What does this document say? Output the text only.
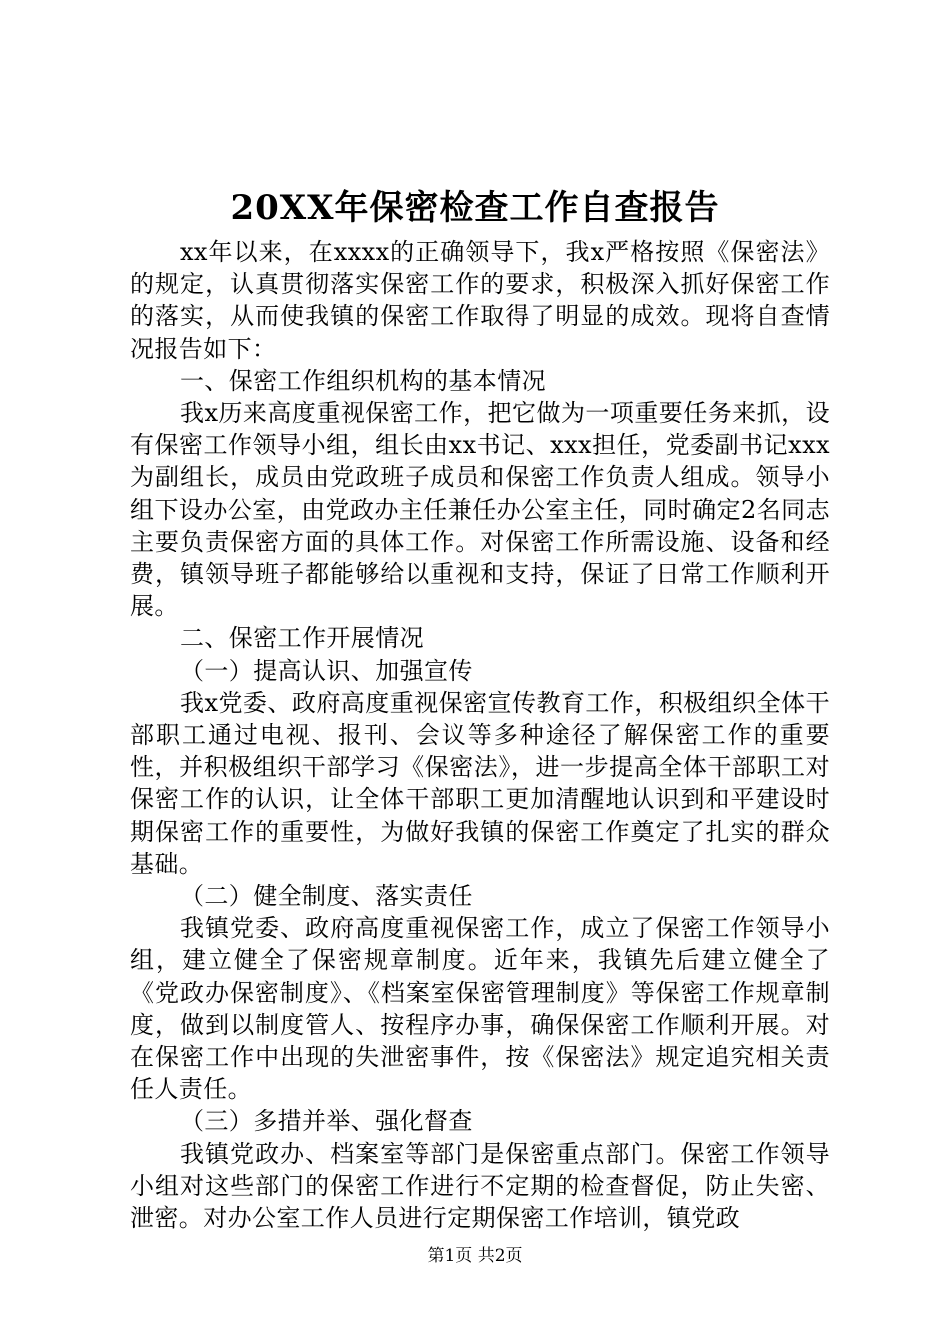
20XX年保密检查工作自查报告

xx年以来，在xxxx的正确领导下，我x严格按照《保密法》的规定，认真贯彻落实保密工作的要求，积极深入抓好保密工作的落实，从而使我镇的保密工作取得了明显的成效。现将自查情况报告如下：

一、保密工作组织机构的基本情况

我x历来高度重视保密工作，把它做为一项重要任务来抓，设有保密工作领导小组，组长由xx书记、xxx担任，党委副书记xxx为副组长，成员由党政班子成员和保密工作负责人组成。领导小组下设办公室，由党政办主任兼任办公室主任，同时确定2名同志主要负责保密方面的具体工作。对保密工作所需设施、设备和经费，镇领导班子都能够给以重视和支持，保证了日常工作顺利开展。

二、保密工作开展情况

（一）提高认识、加强宣传

我x党委、政府高度重视保密宣传教育工作，积极组织全体干部职工通过电视、报刊、会议等多种途径了解保密工作的重要性，并积极组织干部学习《保密法》，进一步提高全体干部职工对保密工作的认识，让全体干部职工更加清醒地认识到和平建设时期保密工作的重要性，为做好我镇的保密工作奠定了扎实的群众基础。

（二）健全制度、落实责任

我镇党委、政府高度重视保密工作，成立了保密工作领导小组，建立健全了保密规章制度。近年来，我镇先后建立健全了《党政办保密制度》、《档案室保密管理制度》等保密工作规章制度，做到以制度管人、按程序办事，确保保密工作顺利开展。对在保密工作中出现的失泄密事件，按《保密法》规定追究相关责任人责任。

（三）多措并举、强化督查

我镇党政办、档案室等部门是保密重点部门。保密工作领导小组对这些部门的保密工作进行不定期的检查督促，防止失密、泄密。对办公室工作人员进行定期保密工作培训，镇党政

第1页 共2页
